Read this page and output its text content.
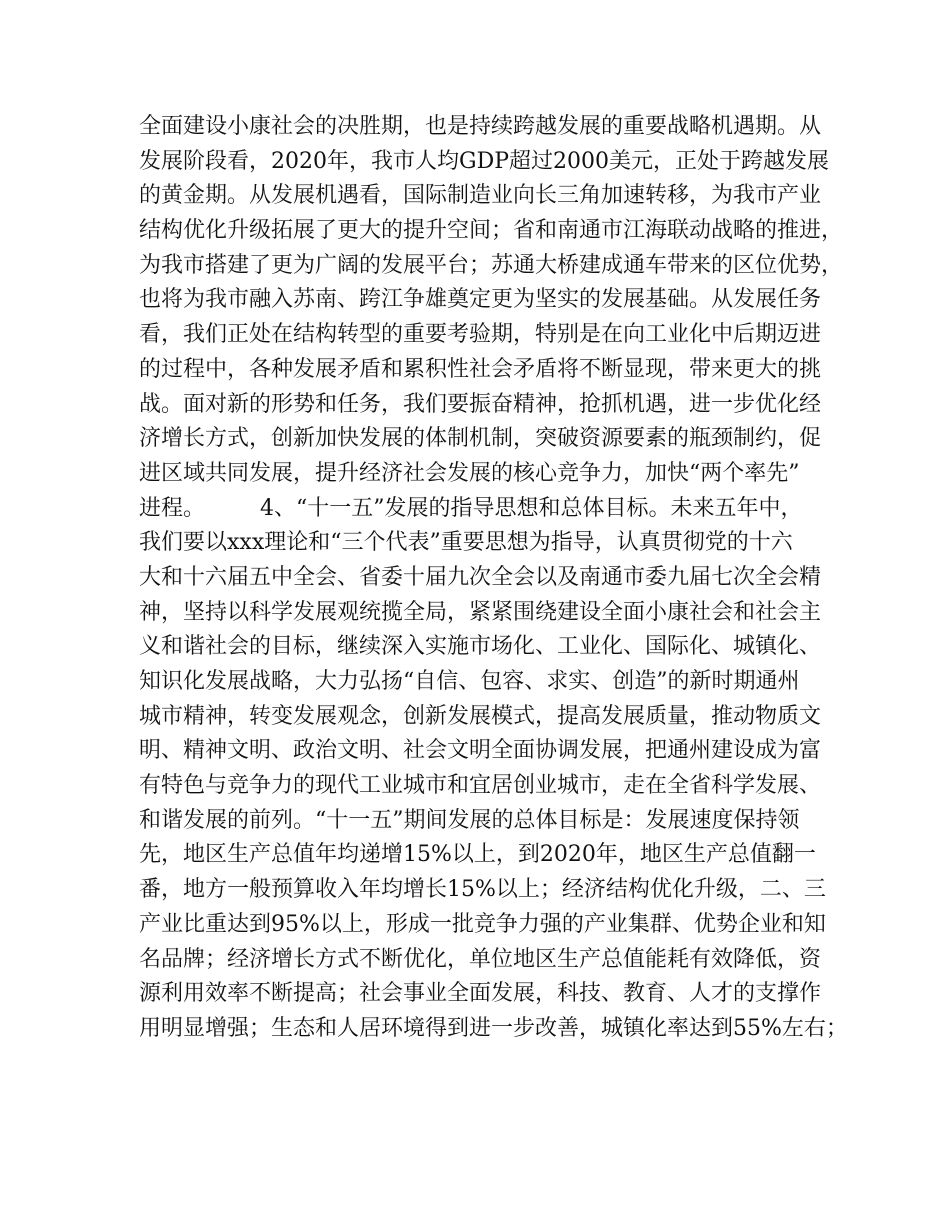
全面建设小康社会的决胜期，也是持续跨越发展的重要战略机遇期。从
发展阶段看，2020年，我市人均GDP超过2000美元，正处于跨越发展
的黄金期。从发展机遇看，国际制造业向长三角加速转移，为我市产业
结构优化升级拓展了更大的提升空间；省和南通市江海联动战略的推进，
为我市搭建了更为广阔的发展平台；苏通大桥建成通车带来的区位优势，
也将为我市融入苏南、跨江争雄奠定更为坚实的发展基础。从发展任务
看，我们正处在结构转型的重要考验期，特别是在向工业化中后期迈进
的过程中，各种发展矛盾和累积性社会矛盾将不断显现，带来更大的挑
战。面对新的形势和任务，我们要振奋精神，抢抓机遇，进一步优化经
济增长方式，创新加快发展的体制机制，突破资源要素的瓶颈制约，促
进区域共同发展，提升经济社会发展的核心竞争力，加快“两个率先”
进程。　　　4、“十一五”发展的指导思想和总体目标。未来五年中，
我们要以xxx理论和“三个代表”重要思想为指导，认真贯彻党的十六
大和十六届五中全会、省委十届九次全会以及南通市委九届七次全会精
神，坚持以科学发展观统揽全局，紧紧围绕建设全面小康社会和社会主
义和谐社会的目标，继续深入实施市场化、工业化、国际化、城镇化、
知识化发展战略，大力弘扬“自信、包容、求实、创造”的新时期通州
城市精神，转变发展观念，创新发展模式，提高发展质量，推动物质文
明、精神文明、政治文明、社会文明全面协调发展，把通州建设成为富
有特色与竞争力的现代工业城市和宜居创业城市，走在全省科学发展、
和谐发展的前列。“十一五”期间发展的总体目标是：发展速度保持领
先，地区生产总值年均递增15%以上，到2020年，地区生产总值翻一
番，地方一般预算收入年均增长15%以上；经济结构优化升级，二、三
产业比重达到95%以上，形成一批竞争力强的产业集群、优势企业和知
名品牌；经济增长方式不断优化，单位地区生产总值能耗有效降低，资
源利用效率不断提高；社会事业全面发展，科技、教育、人才的支撑作
用明显增强；生态和人居环境得到进一步改善，城镇化率达到55%左右；
